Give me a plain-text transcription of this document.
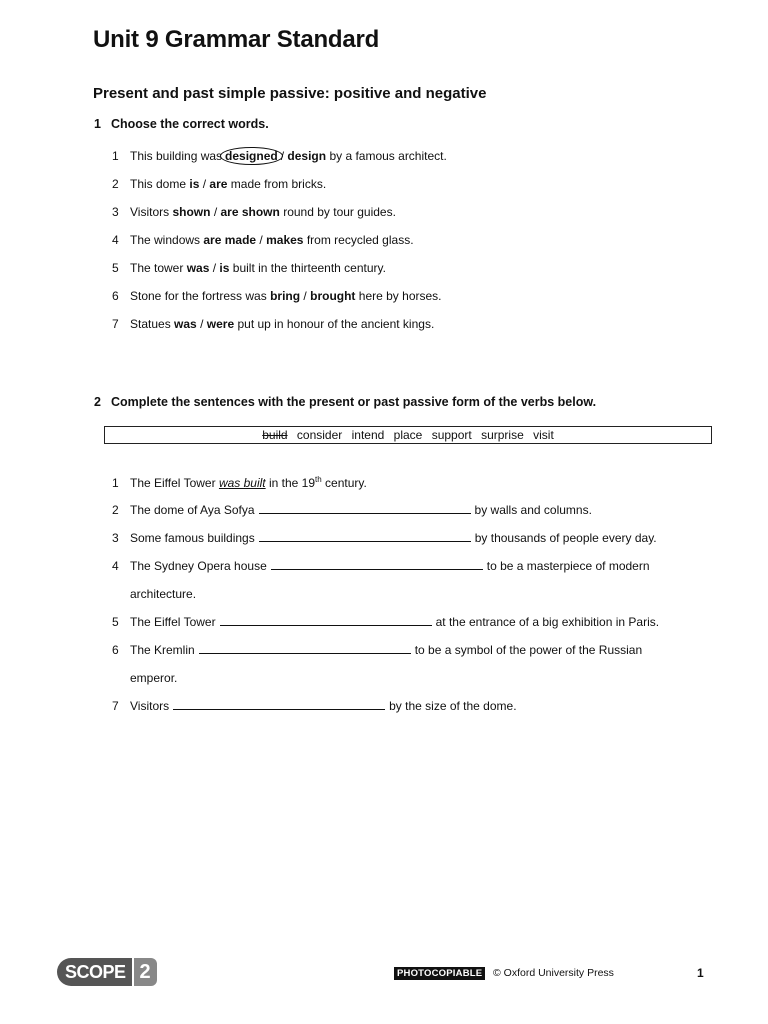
Unit 9 Grammar Standard
Present and past simple passive: positive and negative
1 Choose the correct words.
1 This building was designed / design by a famous architect.
2 This dome is / are made from bricks.
3 Visitors shown / are shown round by tour guides.
4 The windows are made / makes from recycled glass.
5 The tower was / is built in the thirteenth century.
6 Stone for the fortress was bring / brought here by horses.
7 Statues was / were put up in honour of the ancient kings.
2 Complete the sentences with the present or past passive form of the verbs below.
build consider intend place support surprise visit
1 The Eiffel Tower was built in the 19th century.
2 The dome of Aya Sofya	by walls and columns.
3 Some famous buildings	by thousands of people every day.
4 The Sydney Opera house	to be a masterpiece of modern
architecture.
5 The Eiffel Tower	at the entrance of a big exhibition in Paris.
6 The Kremlin	to be a symbol of the power of the Russian
emperor.
7 Visitors	by the size of the dome.
SCOPE 2	PHOTOCOPIABLE © Oxford University Press	1
